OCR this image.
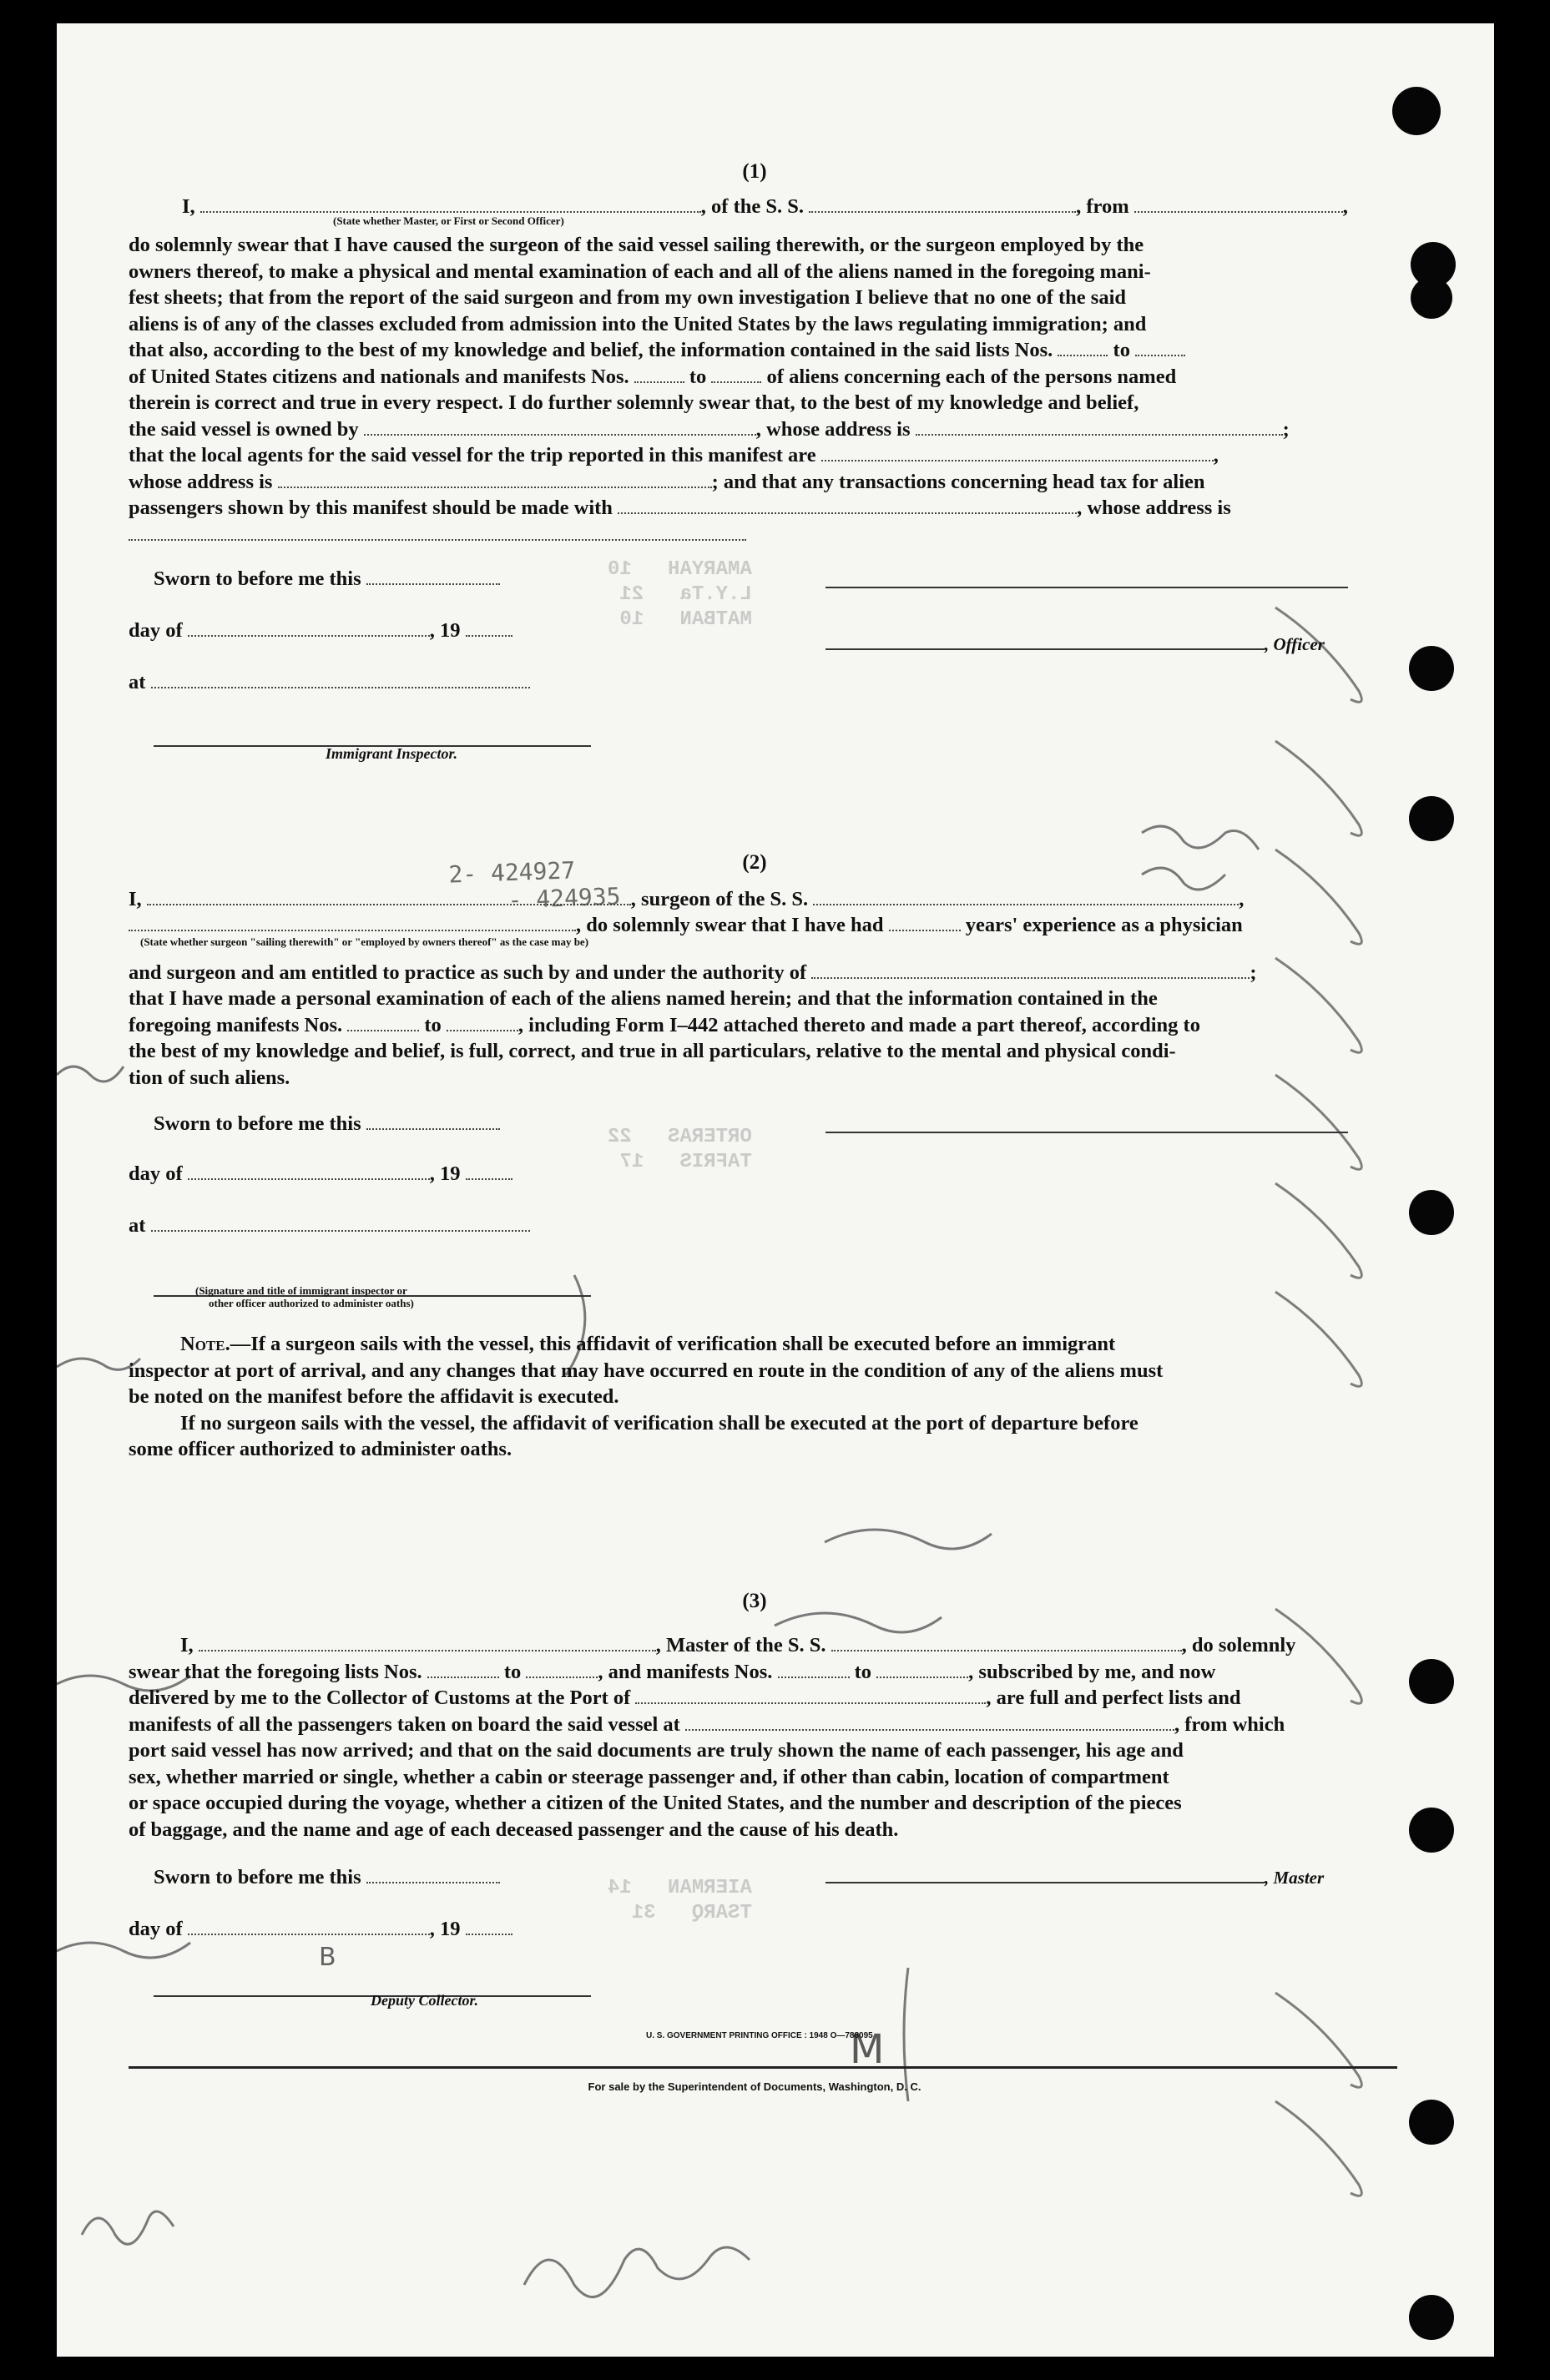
AMARYAH   10
L.Y.Ta   21
MATBAN   10
ORTERAS   22
TAFRIS   17
AIERMAN   14
TSARQ   31
2- 424927
- 424935
B
M
(1)
I,	, of the S. S.	, from	,
(State whether Master, or First or Second Officer)

do solemnly swear that I have caused the surgeon of the said vessel sailing therewith, or the surgeon employed by the

owners thereof, to make a physical and mental examination of each and all of the aliens named in the foregoing mani-

fest sheets; that from the report of the said surgeon and from my own investigation I believe that no one of the said

aliens is of any of the classes excluded from admission into the United States by the laws regulating immigration; and

that also, according to the best of my knowledge and belief, the information contained in the said lists Nos.	to
of United States citizens and nationals and manifests Nos.	to	of aliens concerning each of the persons named

therein is correct and true in every respect. I do further solemnly swear that, to the best of my knowledge and belief,

the said vessel is owned by	, whose address is	;
that the local agents for the said vessel for the trip reported in this manifest are	,
whose address is	; and that any transactions concerning head tax for alien
passengers shown by this manifest should be made with	, whose address is
Sworn to before me this
day of	, 19
at
, Officer
Immigrant Inspector.
(2)
I,	, surgeon of the S. S.	,
, do solemnly swear that I have had	years' experience as a physician
(State whether surgeon "sailing therewith" or "employed by owners thereof" as the case may be)
and surgeon and am entitled to practice as such by and under the authority of	;

that I have made a personal examination of each of the aliens named herein; and that the information contained in the

foregoing manifests Nos.	to	, including Form I–442 attached thereto and made a part thereof, according to
the best of my knowledge and belief, is full, correct, and true in all particulars, relative to the mental and physical condi-

tion of such aliens.

Sworn to before me this
day of	, 19
at
(Signature and title of immigrant inspector or
other officer authorized to administer oaths)
Note.—If a surgeon sails with the vessel, this affidavit of verification shall be executed before an immigrant

inspector at port of arrival, and any changes that may have occurred en route in the condition of any of the aliens must

be noted on the manifest before the affidavit is executed.

If no surgeon sails with the vessel, the affidavit of verification shall be executed at the port of departure before

some officer authorized to administer oaths.

(3)
I,	, Master of the S. S.	, do solemnly
swear that the foregoing lists Nos.	to	, and manifests Nos.	to	, subscribed by me, and now
delivered by me to the Collector of Customs at the Port of	, are full and perfect lists and
manifests of all the passengers taken on board the said vessel at	, from which

port said vessel has now arrived; and that on the said documents are truly shown the name of each passenger, his age and

sex, whether married or single, whether a cabin or steerage passenger and, if other than cabin, location of compartment

or space occupied during the voyage, whether a citizen of the United States, and the number and description of the pieces

of baggage, and the name and age of each deceased passenger and the cause of his death.

Sworn to before me this	, Master
day of	, 19
Deputy Collector.
U. S. GOVERNMENT PRINTING OFFICE : 1948 O—788095
For sale by the Superintendent of Documents, Washington, D. C.
